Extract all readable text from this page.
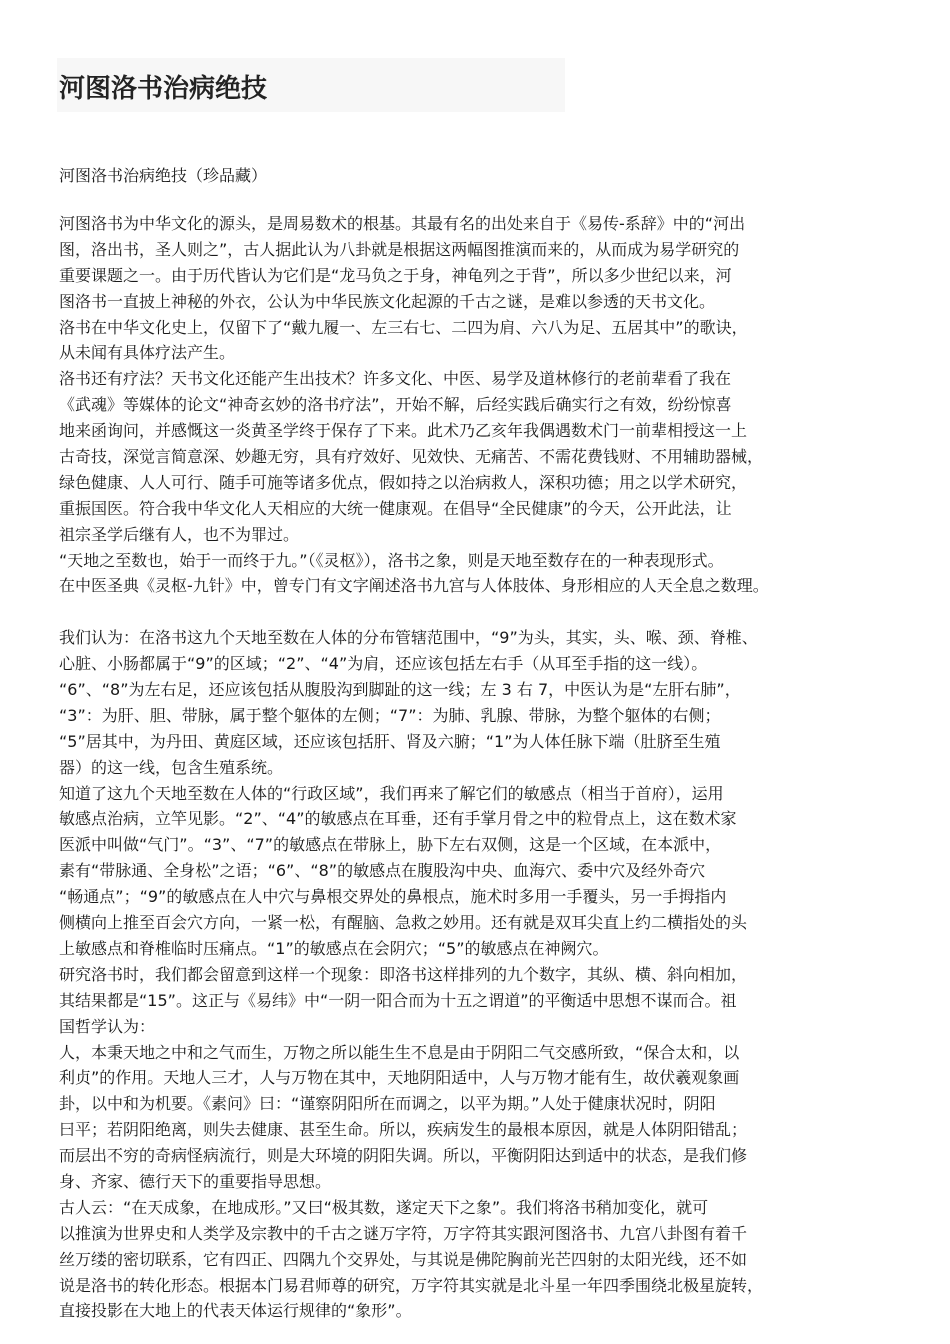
河图洛书治病绝技

河图洛书治病绝技（珍品藏）

河图洛书为中华文化的源头，是周易数术的根基。其最有名的出处来自于《易传-系辞》中的“河出
图，洛出书，圣人则之”，古人据此认为八卦就是根据这两幅图推演而来的，从而成为易学研究的
重要课题之一。由于历代皆认为它们是“龙马负之于身，神龟列之于背”，所以多少世纪以来，河
图洛书一直披上神秘的外衣，公认为中华民族文化起源的千古之谜，是难以参透的天书文化。

洛书在中华文化史上，仅留下了“戴九履一、左三右七、二四为肩、六八为足、五居其中”的歌诀，
从未闻有具体疗法产生。

洛书还有疗法？天书文化还能产生出技术？许多文化、中医、易学及道林修行的老前辈看了我在
《武魂》等媒体的论文“神奇玄妙的洛书疗法”，开始不解，后经实践后确实行之有效，纷纷惊喜
地来函询问，并感慨这一炎黄圣学终于保存了下来。此术乃乙亥年我偶遇数术门一前辈相授这一上
古奇技，深觉言简意深、妙趣无穷，具有疗效好、见效快、无痛苦、不需花费钱财、不用辅助器械，
绿色健康、人人可行、随手可施等诸多优点，假如持之以治病救人，深积功德；用之以学术研究，
重振国医。符合我中华文化人天相应的大统一健康观。在倡导“全民健康”的今天，公开此法，让
祖宗圣学后继有人，也不为罪过。

“天地之至数也，始于一而终于九。”（《灵枢》），洛书之象，则是天地至数存在的一种表现形式。
在中医圣典《灵枢-九针》中，曾专门有文字阐述洛书九宫与人体肢体、身形相应的人天全息之数理。

我们认为：在洛书这九个天地至数在人体的分布管辖范围中，“9”为头，其实，头、喉、颈、脊椎、
心脏、小肠都属于“9”的区域；“2”、“4”为肩，还应该包括左右手（从耳至手指的这一线）。
“6”、“8”为左右足，还应该包括从腹股沟到脚趾的这一线；左 3 右 7，中医认为是“左肝右肺”，
“3”：为肝、胆、带脉，属于整个躯体的左侧；“7”：为肺、乳腺、带脉，为整个躯体的右侧；
“5”居其中，为丹田、黄庭区域，还应该包括肝、肾及六腑；“1”为人体任脉下端（肚脐至生殖
器）的这一线，包含生殖系统。

知道了这九个天地至数在人体的“行政区域”，我们再来了解它们的敏感点（相当于首府），运用
敏感点治病，立竿见影。“2”、“4”的敏感点在耳垂，还有手掌月骨之中的粒骨点上，这在数术家
医派中叫做“气门”。“3”、“7”的敏感点在带脉上，胁下左右双侧，这是一个区域，在本派中，
素有“带脉通、全身松”之语；“6”、“8”的敏感点在腹股沟中央、血海穴、委中穴及经外奇穴
“畅通点”；“9”的敏感点在人中穴与鼻根交界处的鼻根点，施术时多用一手覆头，另一手拇指内
侧横向上推至百会穴方向，一紧一松，有醒脑、急救之妙用。还有就是双耳尖直上约二横指处的头
上敏感点和脊椎临时压痛点。“1”的敏感点在会阴穴；“5”的敏感点在神阙穴。

研究洛书时，我们都会留意到这样一个现象：即洛书这样排列的九个数字，其纵、横、斜向相加，
其结果都是“15”。这正与《易纬》中“一阴一阳合而为十五之谓道”的平衡适中思想不谋而合。祖
国哲学认为：

人，本秉天地之中和之气而生，万物之所以能生生不息是由于阴阳二气交感所致，“保合太和，以
利贞”的作用。天地人三才，人与万物在其中，天地阴阳适中，人与万物才能有生，故伏羲观象画
卦，以中和为机要。《素问》曰：“谨察阴阳所在而调之，以平为期。”人处于健康状况时，阴阳
曰平；若阴阳绝离，则失去健康、甚至生命。所以，疾病发生的最根本原因，就是人体阴阳错乱；
而层出不穷的奇病怪病流行，则是大环境的阴阳失调。所以，平衡阴阳达到适中的状态，是我们修
身、齐家、德行天下的重要指导思想。

古人云：“在天成象，在地成形。”又曰“极其数，遂定天下之象”。我们将洛书稍加变化，就可
以推演为世界史和人类学及宗教中的千古之谜万字符，万字符其实跟河图洛书、九宫八卦图有着千
丝万缕的密切联系，它有四正、四隅九个交界处，与其说是佛陀胸前光芒四射的太阳光线，还不如
说是洛书的转化形态。根据本门易君师尊的研究，万字符其实就是北斗星一年四季围绕北极星旋转，
直接投影在大地上的代表天体运行规律的“象形”。
